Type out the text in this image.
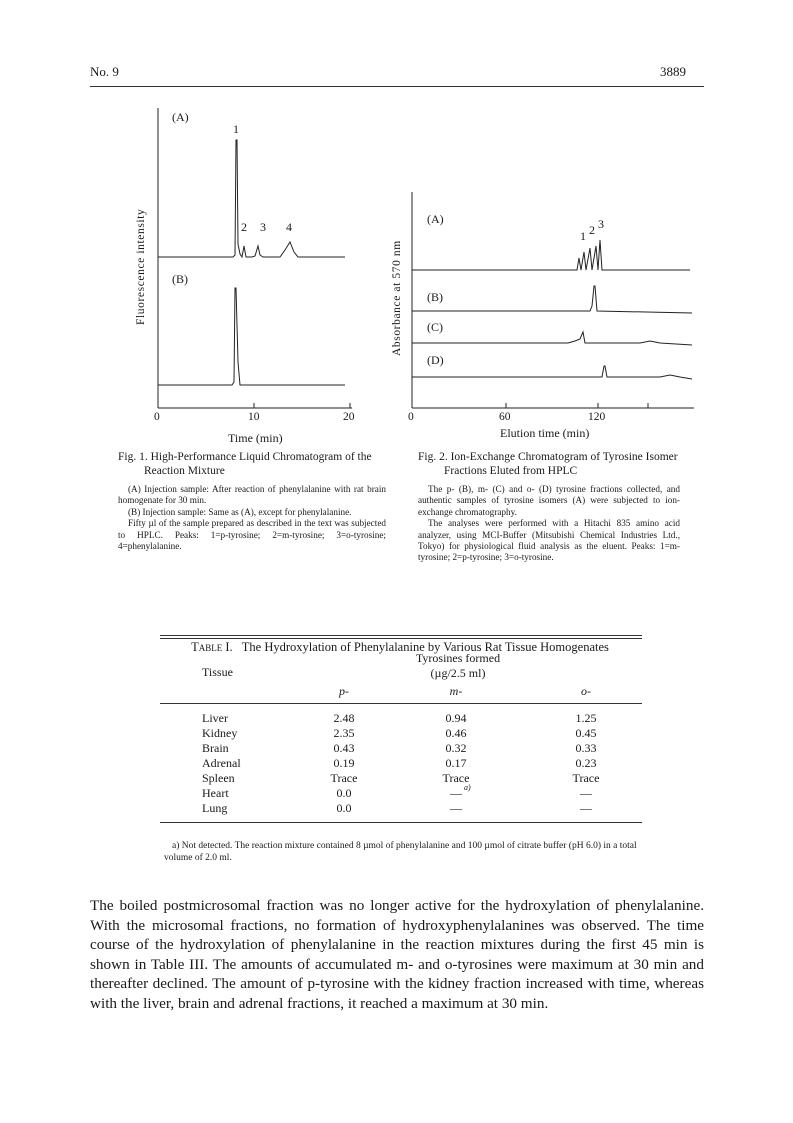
No. 9	3889
(A)
(B)
1
2 3 4
Fluorescence intensity
0	10	20
Time (min)
(A)
(B)
(C)
(D)
1 2 3
Absorbance at 570 nm
0	60	120
Elution time (min)
Fig. 1. High-Performance Liquid Chromatogram of the Reaction Mixture

(A) Injection sample: After reaction of phenylalanine with rat brain homogenate for 30 min.

(B) Injection sample: Same as (A), except for phenylalanine.

Fifty µl of the sample prepared as described in the text was subjected to HPLC. Peaks: 1=p-tyrosine; 2=m-tyrosine; 3=o-tyrosine; 4=phenylalanine.

Fig. 2. Ion-Exchange Chromatogram of Tyrosine Isomer Fractions Eluted from HPLC

The p- (B), m- (C) and o- (D) tyrosine fractions collected, and authentic samples of tyrosine isomers (A) were subjected to ion-exchange chromatography.

The analyses were performed with a Hitachi 835 amino acid analyzer, using MCI-Buffer (Mitsubishi Chemical Industries Ltd., Tokyo) for physiological fluid analysis as the eluent. Peaks: 1=m-tyrosine; 2=p-tyrosine; 3=o-tyrosine.

Table I. The Hydroxylation of Phenylalanine by Various Rat Tissue Homogenates
Tissue
Tyrosines formed
(µg/2.5 ml)
p-	m-	o-
Liver	2.48	0.94	1.25
Kidney	2.35	0.46	0.45
Brain	0.43	0.32	0.33
Adrenal	0.19	0.17	0.23
Spleen	Trace	Trace	Trace
Heart	0.0	—	—
Lung	0.0	—	—
a)
a) Not detected. The reaction mixture contained 8 µmol of phenylalanine and 100 µmol of citrate buffer (pH 6.0) in a total volume of 2.0 ml.
The boiled postmicrosomal fraction was no longer active for the hydroxylation of phenylalanine. With the microsomal fractions, no formation of hydroxyphenylalanines was observed. The time course of the hydroxylation of phenylalanine in the reaction mixtures during the first 45 min is shown in Table III. The amounts of accumulated m- and o-tyrosines were maximum at 30 min and thereafter declined. The amount of p-tyrosine with the kidney fraction increased with time, whereas with the liver, brain and adrenal fractions, it reached a maximum at 30 min.
